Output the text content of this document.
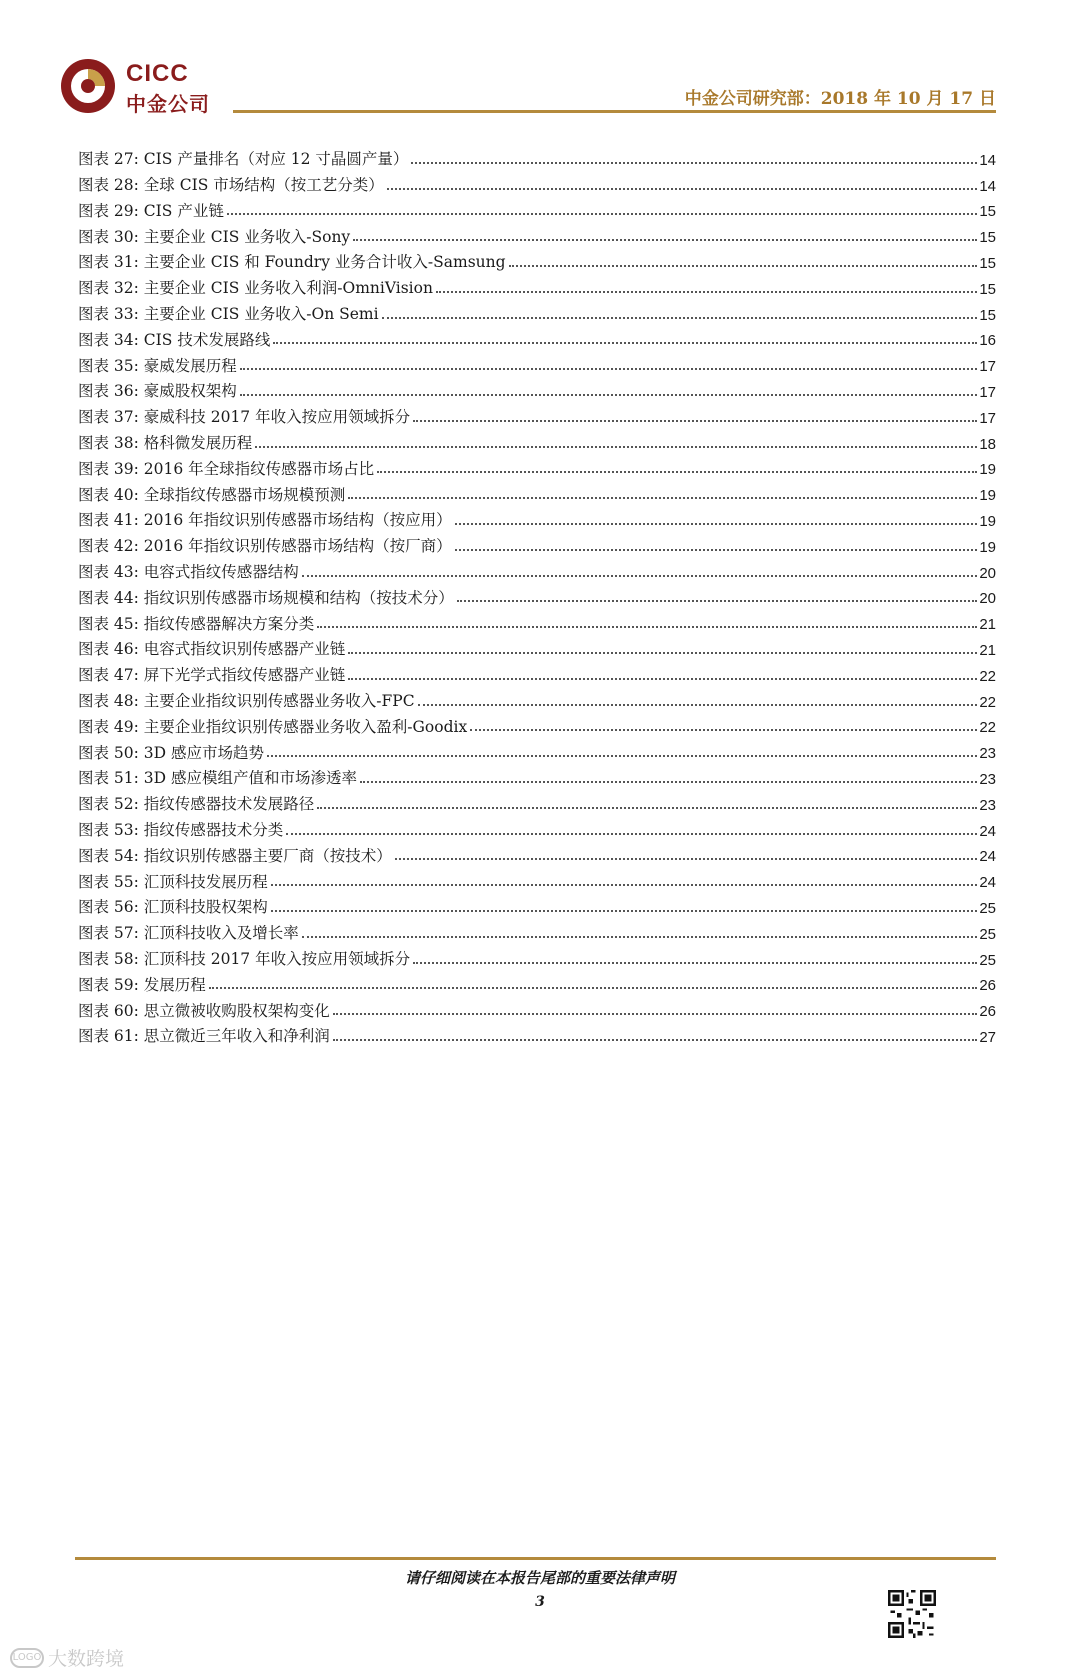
CICC
中金公司	中金公司研究部：2018 年 10 月 17 日
图表 27: CIS 产量排名（对应 12 寸晶圆产量）	14
图表 28: 全球 CIS 市场结构（按工艺分类）	14
图表 29: CIS 产业链	15
图表 30: 主要企业 CIS 业务收入-Sony	15
图表 31: 主要企业 CIS 和 Foundry 业务合计收入-Samsung	15
图表 32: 主要企业 CIS 业务收入利润-OmniVision	15
图表 33: 主要企业 CIS 业务收入-On Semi	15
图表 34: CIS 技术发展路线	16
图表 35: 豪威发展历程	17
图表 36: 豪威股权架构	17
图表 37: 豪威科技 2017 年收入按应用领域拆分	17
图表 38: 格科微发展历程	18
图表 39: 2016 年全球指纹传感器市场占比	19
图表 40: 全球指纹传感器市场规模预测	19
图表 41: 2016 年指纹识别传感器市场结构（按应用）	19
图表 42: 2016 年指纹识别传感器市场结构（按厂商）	19
图表 43: 电容式指纹传感器结构	20
图表 44: 指纹识别传感器市场规模和结构（按技术分）	20
图表 45: 指纹传感器解决方案分类	21
图表 46: 电容式指纹识别传感器产业链	21
图表 47: 屏下光学式指纹传感器产业链	22
图表 48: 主要企业指纹识别传感器业务收入-FPC	22
图表 49: 主要企业指纹识别传感器业务收入盈利-Goodix	22
图表 50: 3D 感应市场趋势	23
图表 51: 3D 感应模组产值和市场渗透率	23
图表 52: 指纹传感器技术发展路径	23
图表 53: 指纹传感器技术分类	24
图表 54: 指纹识别传感器主要厂商（按技术）	24
图表 55: 汇顶科技发展历程	24
图表 56: 汇顶科技股权架构	25
图表 57: 汇顶科技收入及增长率	25
图表 58: 汇顶科技 2017 年收入按应用领域拆分	25
图表 59: 发展历程	26
图表 60: 思立微被收购股权架构变化	26
图表 61: 思立微近三年收入和净利润	27
请仔细阅读在本报告尾部的重要法律声明
3
LOGO 大数跨境
